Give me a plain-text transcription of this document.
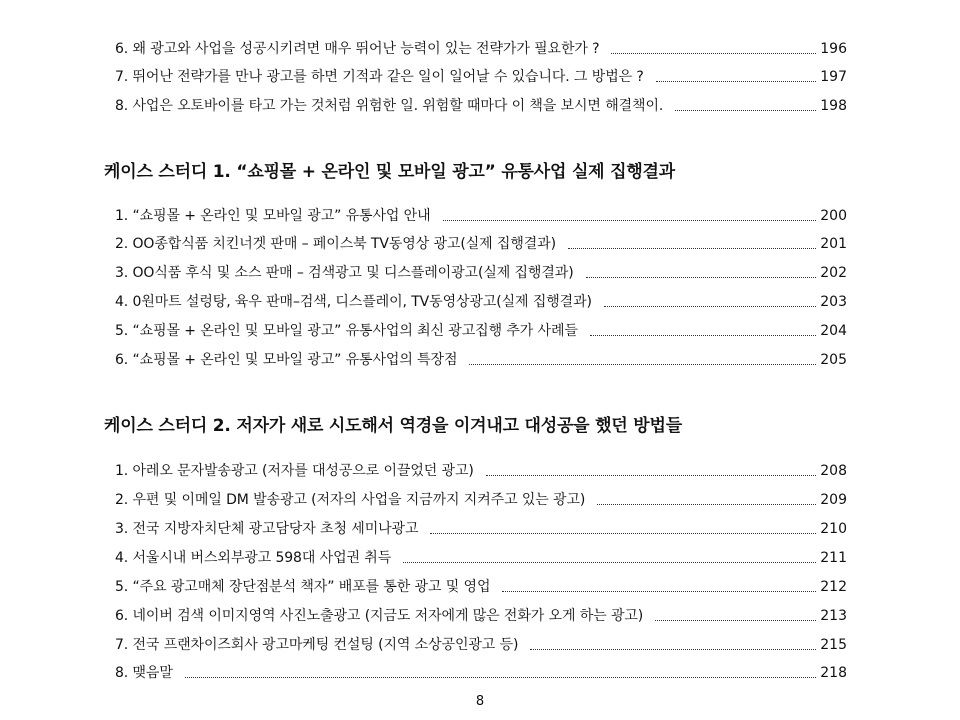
6. 왜 광고와 사업을 성공시키려면 매우 뛰어난 능력이 있는 전략가가 필요한가 ?	196
7. 뛰어난 전략가를 만나 광고를 하면 기적과 같은 일이 일어날 수 있습니다. 그 방법은 ?	197
8. 사업은 오토바이를 타고 가는 것처럼 위험한 일. 위험할 때마다 이 책을 보시면 해결책이.	198
케이스 스터디 1. “쇼핑몰 + 온라인 및 모바일 광고” 유통사업 실제 집행결과
1. “쇼핑몰 + 온라인 및 모바일 광고” 유통사업 안내	200
2. OO종합식품 치킨너겟 판매 – 페이스북 TV동영상 광고(실제 집행결과)	201
3. OO식품 후식 및 소스 판매 – 검색광고 및 디스플레이광고(실제 집행결과)	202
4. 0원마트 설렁탕, 육우 판매–검색, 디스플레이, TV동영상광고(실제 집행결과)	203
5. “쇼핑몰 + 온라인 및 모바일 광고” 유통사업의 최신 광고집행 추가 사례들	204
6. “쇼핑몰 + 온라인 및 모바일 광고” 유통사업의 특장점	205
케이스 스터디 2. 저자가 새로 시도해서 역경을 이겨내고 대성공을 했던 방법들
1. 아레오 문자발송광고 (저자를 대성공으로 이끌었던 광고)	208
2. 우편 및 이메일 DM 발송광고 (저자의 사업을 지금까지 지켜주고 있는 광고)	209
3. 전국 지방자치단체 광고담당자 초청 세미나광고	210
4. 서울시내 버스외부광고 598대 사업권 취득	211
5. “주요 광고매체 장단점분석 책자” 배포를 통한 광고 및 영업	212
6. 네이버 검색 이미지영역 사진노출광고 (지금도 저자에게 많은 전화가 오게 하는 광고)	213
7. 전국 프랜차이즈회사 광고마케팅 컨설팅 (지역 소상공인광고 등)	215
8. 맺음말	218
8
